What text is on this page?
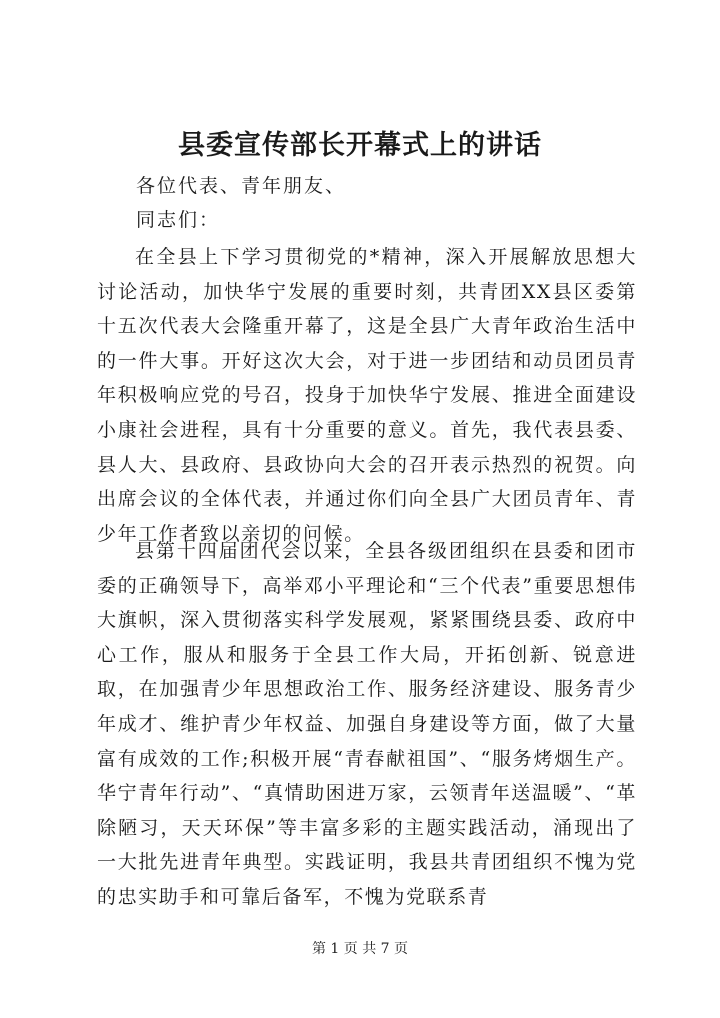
县委宣传部长开幕式上的讲话
各位代表、青年朋友、
同志们：

在全县上下学习贯彻党的*精神，深入开展解放思想大讨论活动，加快华宁发展的重要时刻，共青团XX县区委第十五次代表大会隆重开幕了，这是全县广大青年政治生活中的一件大事。开好这次大会，对于进一步团结和动员团员青年积极响应党的号召，投身于加快华宁发展、推进全面建设小康社会进程，具有十分重要的意义。首先，我代表县委、县人大、县政府、县政协向大会的召开表示热烈的祝贺。向出席会议的全体代表，并通过你们向全县广大团员青年、青少年工作者致以亲切的问候。

县第十四届团代会以来，全县各级团组织在县委和团市委的正确领导下，高举邓小平理论和“三个代表”重要思想伟大旗帜，深入贯彻落实科学发展观，紧紧围绕县委、政府中心工作，服从和服务于全县工作大局，开拓创新、锐意进取，在加强青少年思想政治工作、服务经济建设、服务青少年成才、维护青少年权益、加强自身建设等方面，做了大量富有成效的工作;积极开展“青春献祖国”、“服务烤烟生产。华宁青年行动”、“真情助困进万家，云领青年送温暖”、“革除陋习，天天环保”等丰富多彩的主题实践活动，涌现出了一大批先进青年典型。实践证明，我县共青团组织不愧为党的忠实助手和可靠后备军，不愧为党联系青

第 1 页 共 7 页
